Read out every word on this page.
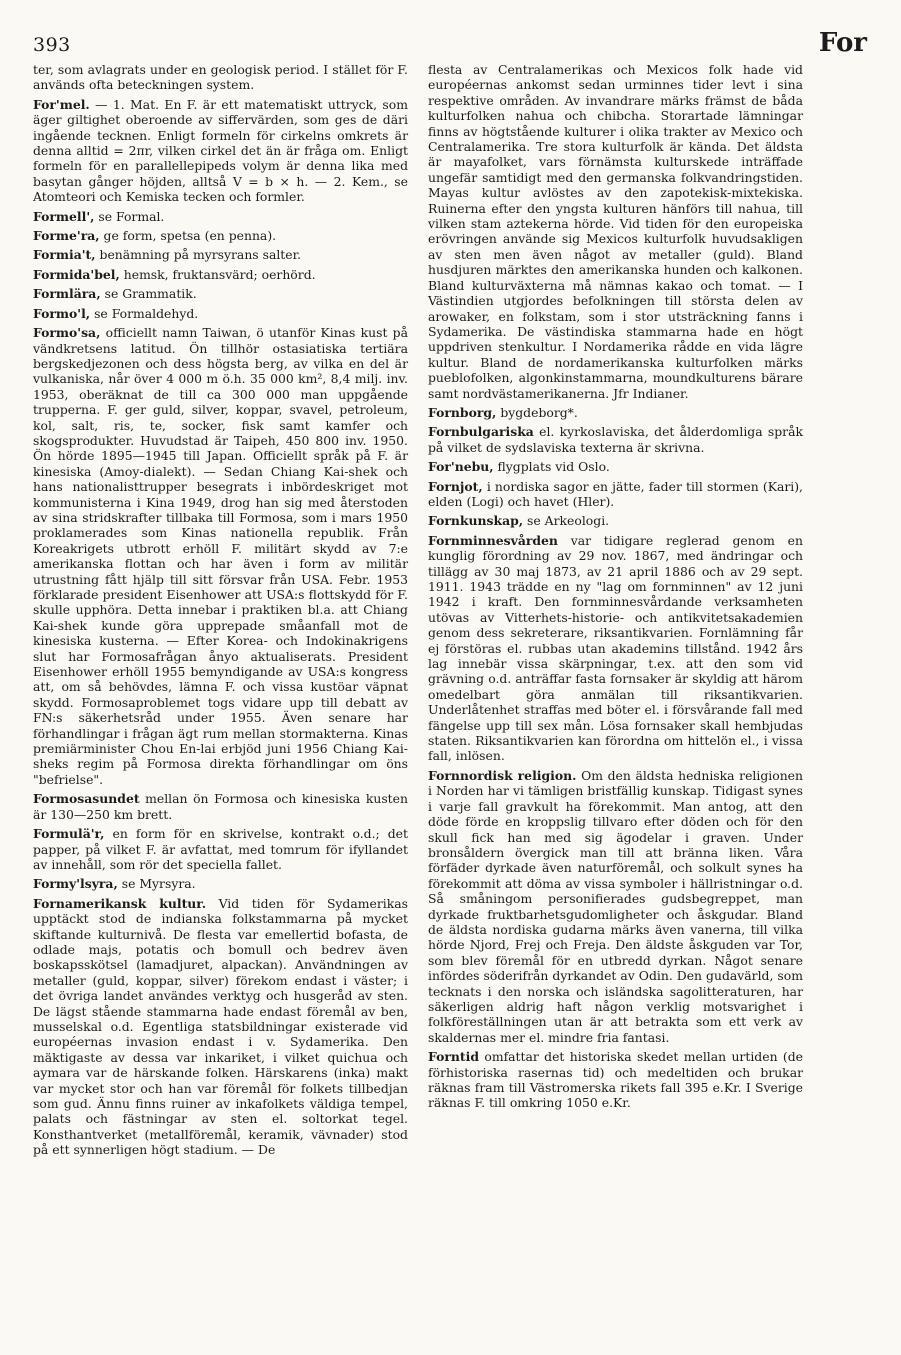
393	For

ter, som avlagrats under en geologisk period. I stället för F. används ofta beteckningen system.

For'mel. — 1. Mat. En F. är ett matematiskt uttryck, som äger giltighet oberoende av siffervärden, som ges de däri ingående tecknen. Enligt formeln för cirkelns omkrets är denna alltid = 2πr, vilken cirkel det än är fråga om. Enligt formeln för en parallellepipeds volym är denna lika med basytan gånger höjden, alltså V = b × h. — 2. Kem., se Atomteori och Kemiska tecken och formler.

Formell', se Formal.

Forme'ra, ge form, spetsa (en penna).

Formia't, benämning på myrsyrans salter.

Formida'bel, hemsk, fruktansvärd; oerhörd.

Formlära, se Grammatik.

Formo'l, se Formaldehyd.

Formo'sa, officiellt namn Taiwan, ö utanför Kinas kust på vändkretsens latitud. Ön tillhör ostasiatiska tertiära bergskedjezonen och dess högsta berg, av vilka en del är vulkaniska, når över 4 000 m ö.h. 35 000 km², 8,4 milj. inv. 1953, oberäknat de till ca 300 000 man uppgående trupperna. F. ger guld, silver, koppar, svavel, petroleum, kol, salt, ris, te, socker, fisk samt kamfer och skogsprodukter. Huvudstad är Taipeh, 450 800 inv. 1950. Ön hörde 1895—1945 till Japan. Officiellt språk på F. är kinesiska (Amoy-dialekt). — Sedan Chiang Kai-shek och hans nationalisttrupper besegrats i inbördeskriget mot kommunisterna i Kina 1949, drog han sig med återstoden av sina stridskrafter tillbaka till Formosa, som i mars 1950 proklamerades som Kinas nationella republik. Från Koreakrigets utbrott erhöll F. militärt skydd av 7:e amerikanska flottan och har även i form av militär utrustning fått hjälp till sitt försvar från USA. Febr. 1953 förklarade president Eisenhower att USA:s flottskydd för F. skulle upphöra. Detta innebar i praktiken bl.a. att Chiang Kai-shek kunde göra upprepade småanfall mot de kinesiska kusterna. — Efter Korea- och Indokinakrigens slut har Formosafrågan ånyo aktualiserats. President Eisenhower erhöll 1955 bemyndigande av USA:s kongress att, om så behövdes, lämna F. och vissa kustöar väpnat skydd. Formosaproblemet togs vidare upp till debatt av FN:s säkerhetsråd under 1955. Även senare har förhandlingar i frågan ägt rum mellan stormakterna. Kinas premiärminister Chou En-lai erbjöd juni 1956 Chiang Kai-sheks regim på Formosa direkta förhandlingar om öns "befrielse".

Formosasundet mellan ön Formosa och kinesiska kusten är 130—250 km brett.

Formulä'r, en form för en skrivelse, kontrakt o.d.; det papper, på vilket F. är avfattat, med tomrum för ifyllandet av innehåll, som rör det speciella fallet.

Formy'lsyra, se Myrsyra.

Fornamerikansk kultur. Vid tiden för Sydamerikas upptäckt stod de indianska folkstammarna på mycket skiftande kulturnivå. De flesta var emellertid bofasta, de odlade majs, potatis och bomull och bedrev även boskapsskötsel (lamadjuret, alpackan). Användningen av metaller (guld, koppar, silver) förekom endast i väster; i det övriga landet användes verktyg och husgeråd av sten. De lägst stående stammarna hade endast föremål av ben, musselskal o.d. Egentliga statsbildningar existerade vid européernas invasion endast i v. Sydamerika. Den mäktigaste av dessa var inkariket, i vilket quichua och aymara var de härskande folken. Härskarens (inka) makt var mycket stor och han var föremål för folkets tillbedjan som gud. Ännu finns ruiner av inkafolkets väldiga tempel, palats och fästningar av sten el. soltorkat tegel. Konsthantverket (metallföremål, keramik, vävnader) stod på ett synnerligen högt stadium. — De

flesta av Centralamerikas och Mexicos folk hade vid européernas ankomst sedan urminnes tider levt i sina respektive områden. Av invandrare märks främst de båda kulturfolken nahua och chibcha. Storartade lämningar finns av högtstående kulturer i olika trakter av Mexico och Centralamerika. Tre stora kulturfolk är kända. Det äldsta är mayafolket, vars förnämsta kulturskede inträffade ungefär samtidigt med den germanska folkvandringstiden. Mayas kultur avlöstes av den zapotekisk-mixtekiska. Ruinerna efter den yngsta kulturen hänförs till nahua, till vilken stam aztekerna hörde. Vid tiden för den europeiska erövringen använde sig Mexicos kulturfolk huvudsakligen av sten men även något av metaller (guld). Bland husdjuren märktes den amerikanska hunden och kalkonen. Bland kulturväxterna må nämnas kakao och tomat. — I Västindien utgjordes befolkningen till största delen av arowaker, en folkstam, som i stor utsträckning fanns i Sydamerika. De västindiska stammarna hade en högt uppdriven stenkultur. I Nordamerika rådde en vida lägre kultur. Bland de nordamerikanska kulturfolken märks pueblofolken, algonkinstammarna, moundkulturens bärare samt nordvästamerikanerna. Jfr Indianer.

Fornborg, bygdeborg*.

Fornbulgariska el. kyrkoslaviska, det ålderdomliga språk på vilket de sydslaviska texterna är skrivna.

For'nebu, flygplats vid Oslo.

Fornjot, i nordiska sagor en jätte, fader till stormen (Kari), elden (Logi) och havet (Hler).

Fornkunskap, se Arkeologi.

Fornminnesvården var tidigare reglerad genom en kunglig förordning av 29 nov. 1867, med ändringar och tillägg av 30 maj 1873, av 21 april 1886 och av 29 sept. 1911. 1943 trädde en ny "lag om fornminnen" av 12 juni 1942 i kraft. Den fornminnesvårdande verksamheten utövas av Vitterhets-historie- och antikvitetsakademien genom dess sekreterare, riksantikvarien. Fornlämning får ej förstöras el. rubbas utan akademins tillstånd. 1942 års lag innebär vissa skärpningar, t.ex. att den som vid grävning o.d. anträffar fasta fornsaker är skyldig att härom omedelbart göra anmälan till riksantikvarien. Underlåtenhet straffas med böter el. i försvårande fall med fängelse upp till sex mån. Lösa fornsaker skall hembjudas staten. Riksantikvarien kan förordna om hittelön el., i vissa fall, inlösen.

Fornnordisk religion. Om den äldsta hedniska religionen i Norden har vi tämligen bristfällig kunskap. Tidigast synes i varje fall gravkult ha förekommit. Man antog, att den döde förde en kroppslig tillvaro efter döden och för den skull fick han med sig ägodelar i graven. Under bronsåldern övergick man till att bränna liken. Våra förfäder dyrkade även naturföremål, och solkult synes ha förekommit att döma av vissa symboler i hällristningar o.d. Så småningom personifierades gudsbegreppet, man dyrkade fruktbarhetsgudomligheter och åskgudar. Bland de äldsta nordiska gudarna märks även vanerna, till vilka hörde Njord, Frej och Freja. Den äldste åskguden var Tor, som blev föremål för en utbredd dyrkan. Något senare infördes söderifrån dyrkandet av Odin. Den gudavärld, som tecknats i den norska och isländska sagolitteraturen, har säkerligen aldrig haft någon verklig motsvarighet i folkföreställningen utan är att betrakta som ett verk av skaldernas mer el. mindre fria fantasi.

Forntid omfattar det historiska skedet mellan urtiden (de förhistoriska rasernas tid) och medeltiden och brukar räknas fram till Västromerska rikets fall 395 e.Kr. I Sverige räknas F. till omkring 1050 e.Kr.
